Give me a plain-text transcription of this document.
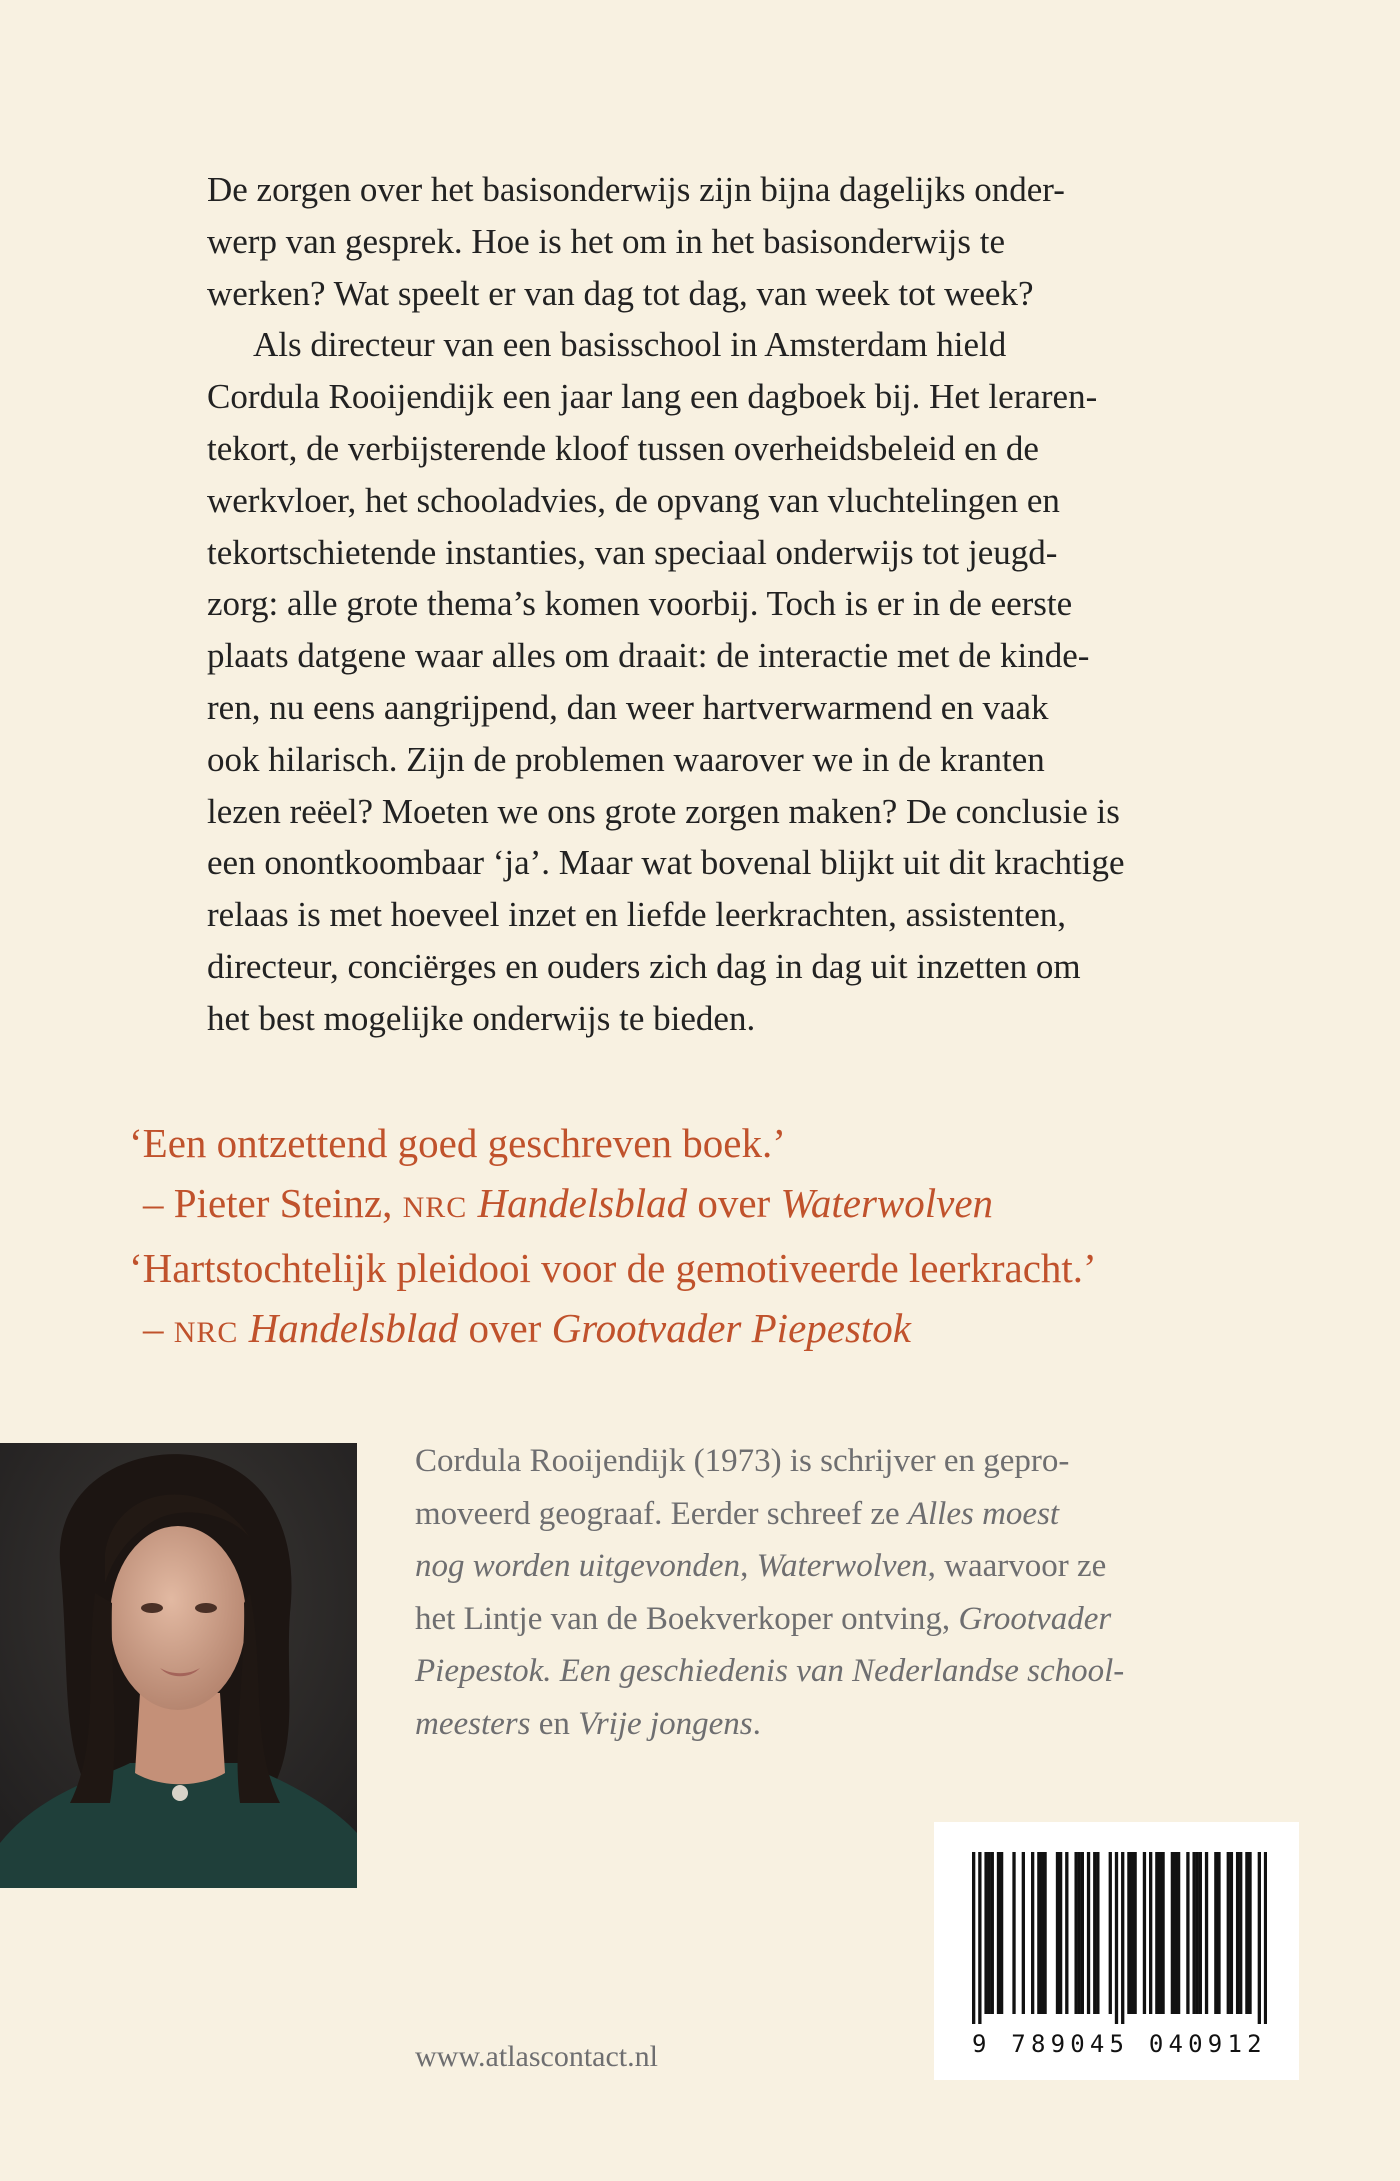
De zorgen over het basisonderwijs zijn bijna dagelijks onder-
werp van gesprek. Hoe is het om in het basisonderwijs te
werken? Wat speelt er van dag tot dag, van week tot week?

Als directeur van een basisschool in Amsterdam hield
Cordula Rooijendijk een jaar lang een dagboek bij. Het leraren-
tekort, de verbijsterende kloof tussen overheidsbeleid en de
werkvloer, het schooladvies, de opvang van vluchtelingen en
tekortschietende instanties, van speciaal onderwijs tot jeugd-
zorg: alle grote thema’s komen voorbij. Toch is er in de eerste
plaats datgene waar alles om draait: de interactie met de kinde-
ren, nu eens aangrijpend, dan weer hartverwarmend en vaak
ook hilarisch. Zijn de problemen waarover we in de kranten
lezen reëel? Moeten we ons grote zorgen maken? De conclusie is
een onontkoombaar ‘ja’. Maar wat bovenal blijkt uit dit krachtige
relaas is met hoeveel inzet en liefde leerkrachten, assistenten,
directeur, conciërges en ouders zich dag in dag uit inzetten om
het best mogelijke onderwijs te bieden.

‘Een ontzettend goed geschreven boek.’
– Pieter Steinz, NRC Handelsblad over Waterwolven
‘Hartstochtelijk pleidooi voor de gemotiveerde leerkracht.’
– NRC Handelsblad over Grootvader Piepestok
Cordula Rooijendijk (1973) is schrijver en gepro-
moveerd geograaf. Eerder schreef ze Alles moest
nog worden uitgevonden, Waterwolven, waarvoor ze
het Lintje van de Boekverkoper ontving, Grootvader
Piepestok. Een geschiedenis van Nederlandse school-
meesters en Vrije jongens.
9 789045 040912
www.atlascontact.nl
